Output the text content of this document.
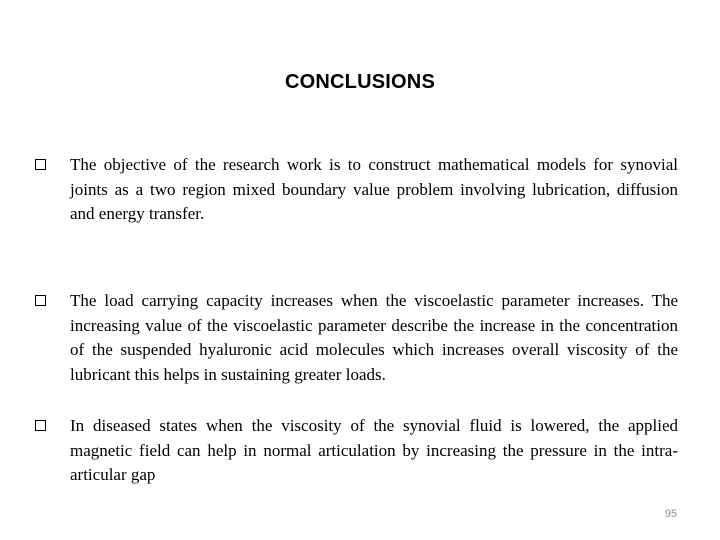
CONCLUSIONS
The objective of the research work is to construct mathematical models for synovial joints as a two region mixed boundary value problem involving lubrication, diffusion and energy transfer.
The load carrying capacity increases when the viscoelastic parameter increases. The increasing value of the viscoelastic parameter describe the increase in the concentration of the suspended hyaluronic acid molecules which increases overall viscosity of the lubricant this helps in sustaining greater loads.
In diseased states when the viscosity of the synovial fluid is lowered, the applied magnetic field can help in normal articulation by increasing the pressure in the intra-articular gap
95
